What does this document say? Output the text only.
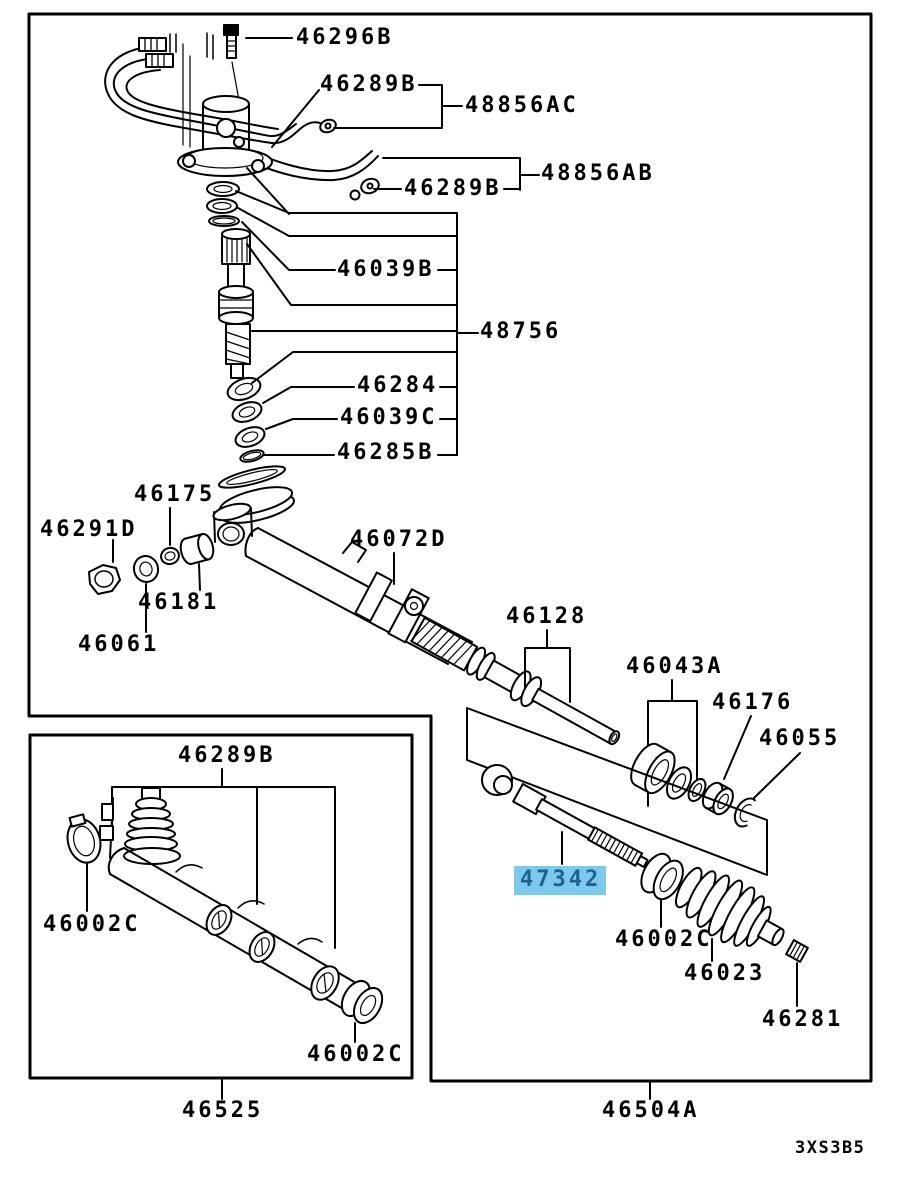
46296B
46289B
48856AC
48856AB
46289B
46039B
48756
46284
46039C
46285B
46175
46291D
46181
46061
46072D
46128
46043A
46176
46055
47342
46002C
46023
46281
46289B
46002C
46002C
46525	46504A
3XS3B5
